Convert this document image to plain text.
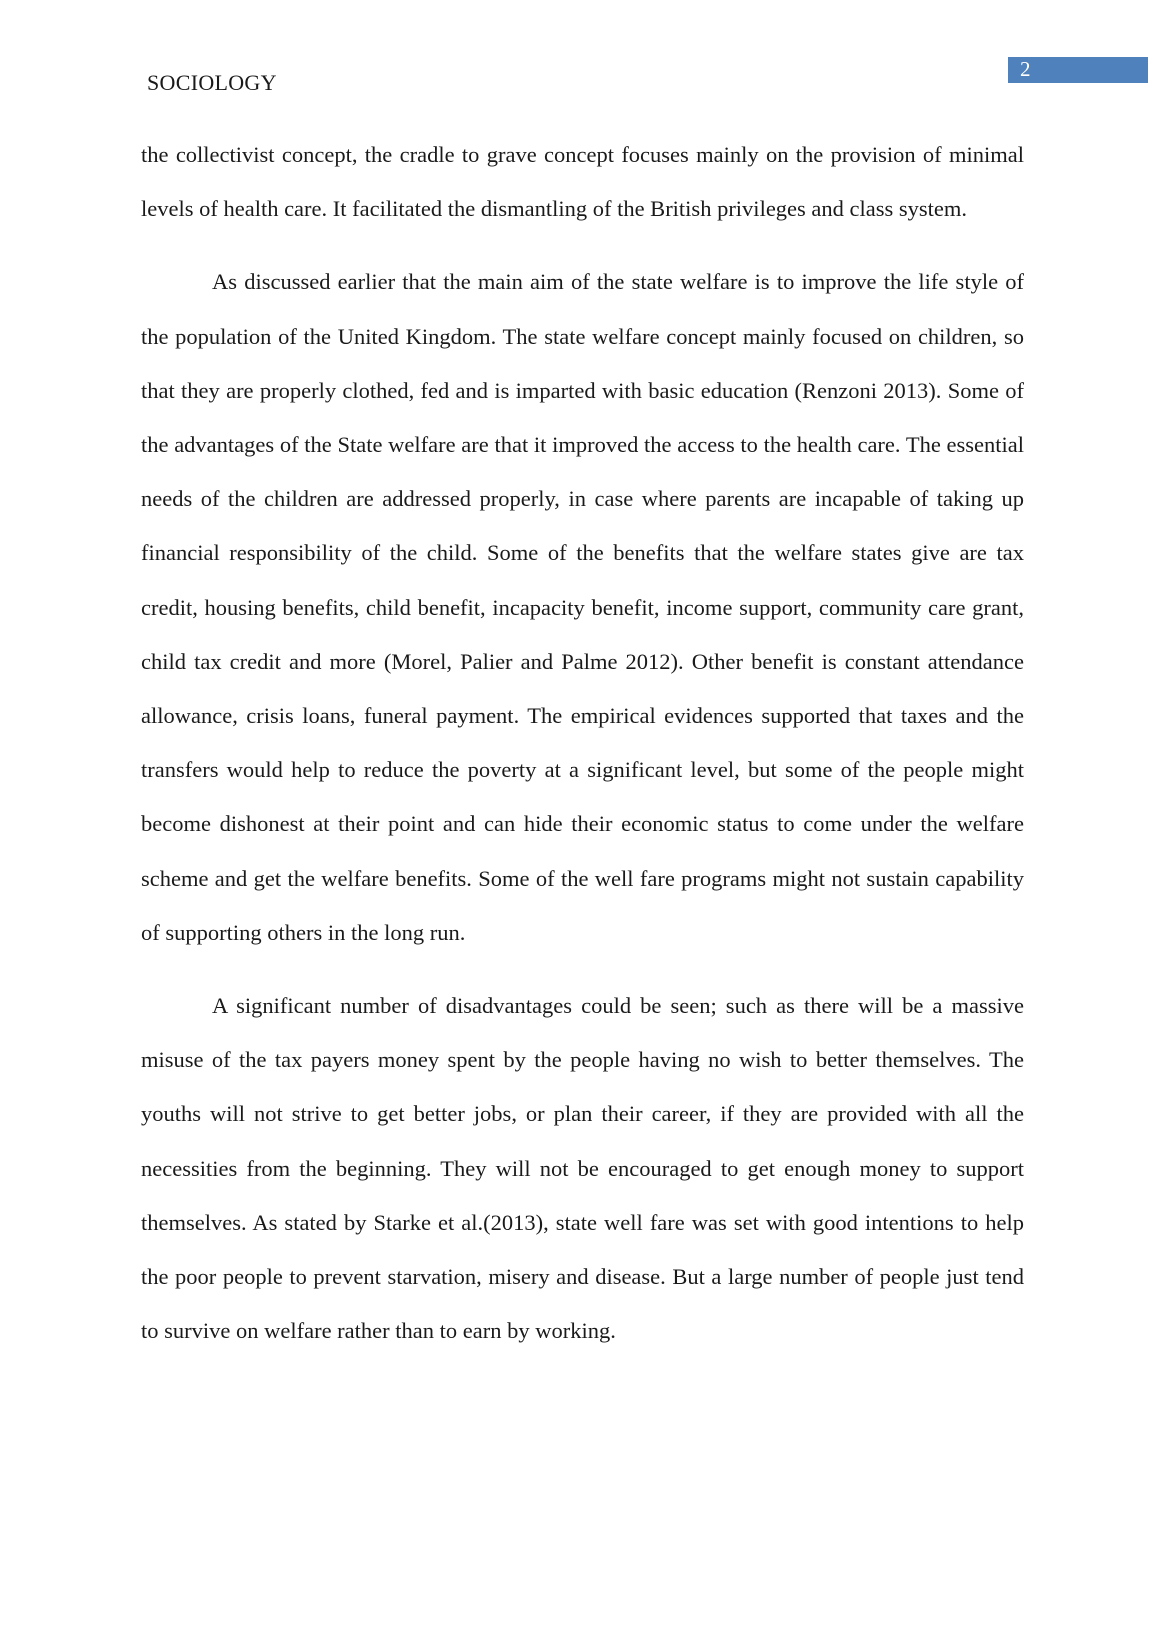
SOCIOLOGY
2

the collectivist concept, the cradle to grave concept focuses mainly on the provision of minimal levels of health care. It facilitated the dismantling of the British privileges and class system.

As discussed earlier that the main aim of the state welfare is to improve the life style of the population of the United Kingdom. The state welfare concept mainly focused on children, so that they are properly clothed, fed and is imparted with basic education (Renzoni 2013). Some of the advantages of the State welfare are that it improved the access to the health care. The essential needs of the children are addressed properly, in case where parents are incapable of taking up financial responsibility of the child. Some of the benefits that the welfare states give are tax credit, housing benefits, child benefit, incapacity benefit, income support, community care grant, child tax credit and more (Morel, Palier and Palme 2012). Other benefit is constant attendance allowance, crisis loans, funeral payment. The empirical evidences supported that taxes and the transfers would help to reduce the poverty at a significant level, but some of the people might become dishonest at their point and can hide their economic status to come under the welfare scheme and get the welfare benefits. Some of the well fare programs might not sustain capability of supporting others in the long run.

A significant number of disadvantages could be seen; such as there will be a massive misuse of the tax payers money spent by the people having no wish to better themselves. The youths will not strive to get better jobs, or plan their career, if they are provided with all the necessities from the beginning. They will not be encouraged to get enough money to support themselves. As stated by Starke et al.(2013), state well fare was set with good intentions to help the poor people to prevent starvation, misery and disease. But a large number of people just tend to survive on welfare rather than to earn by working.
